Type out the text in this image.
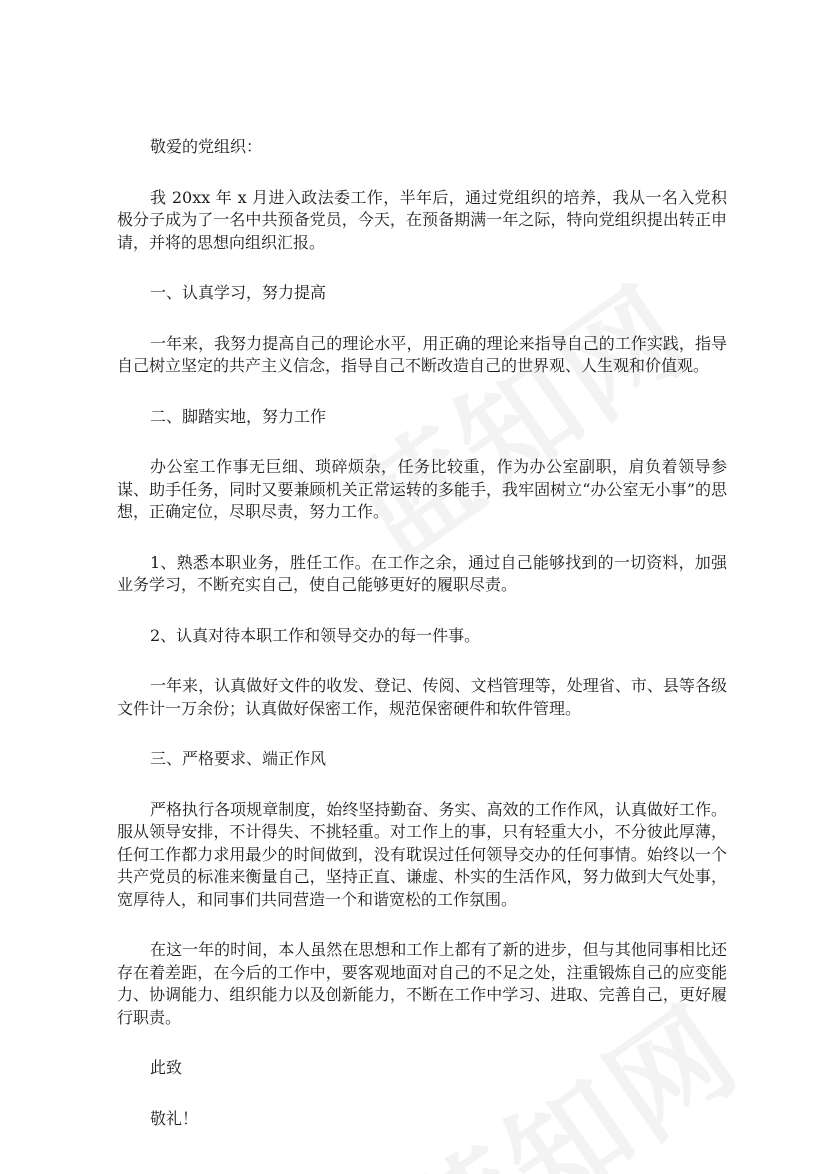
敬爱的党组织：

我 20xx 年 x 月进入政法委工作，半年后，通过党组织的培养，我从一名入党积极分子成为了一名中共预备党员，今天，在预备期满一年之际，特向党组织提出转正申请，并将的思想向组织汇报。

一、认真学习，努力提高

一年来，我努力提高自己的理论水平，用正确的理论来指导自己的工作实践，指导自己树立坚定的共产主义信念，指导自己不断改造自己的世界观、人生观和价值观。

二、脚踏实地，努力工作

办公室工作事无巨细、琐碎烦杂，任务比较重，作为办公室副职，肩负着领导参谋、助手任务，同时又要兼顾机关正常运转的多能手，我牢固树立“办公室无小事”的思想，正确定位，尽职尽责，努力工作。

1、熟悉本职业务，胜任工作。在工作之余，通过自己能够找到的一切资料，加强业务学习，不断充实自己，使自己能够更好的履职尽责。

2、认真对待本职工作和领导交办的每一件事。

一年来，认真做好文件的收发、登记、传阅、文档管理等，处理省、市、县等各级文件计一万余份；认真做好保密工作，规范保密硬件和软件管理。

三、严格要求、端正作风

严格执行各项规章制度，始终坚持勤奋、务实、高效的工作作风，认真做好工作。服从领导安排，不计得失、不挑轻重。对工作上的事，只有轻重大小，不分彼此厚薄，任何工作都力求用最少的时间做到，没有耽误过任何领导交办的任何事情。始终以一个共产党员的标准来衡量自己，坚持正直、谦虚、朴实的生活作风，努力做到大气处事，宽厚待人，和同事们共同营造一个和谐宽松的工作氛围。

在这一年的时间，本人虽然在思想和工作上都有了新的进步，但与其他同事相比还存在着差距，在今后的工作中，要客观地面对自己的不足之处，注重锻炼自己的应变能力、协调能力、组织能力以及创新能力，不断在工作中学习、进取、完善自己，更好履行职责。

此致

敬礼！
